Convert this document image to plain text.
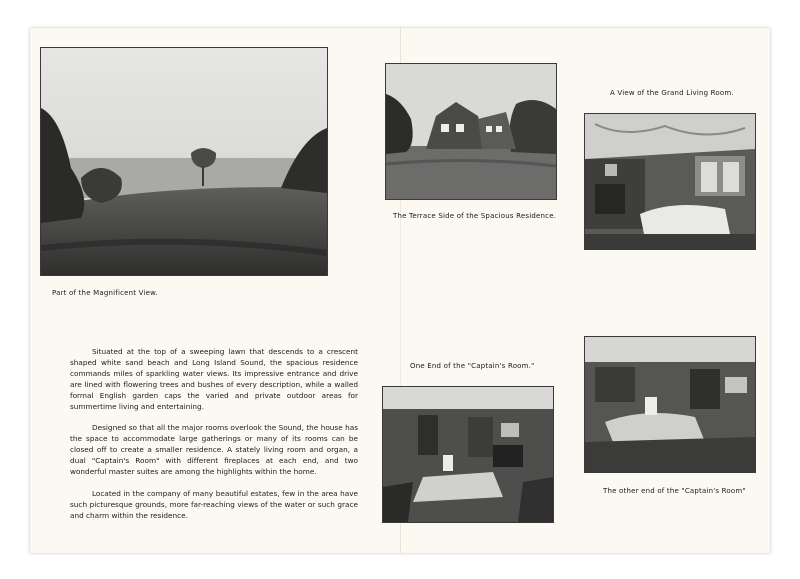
Part of the Magnificent View.

Situated at the top of a sweeping lawn that descends to a crescent shaped white sand beach and Long Island Sound, the spacious residence commands miles of sparkling water views. Its impressive entrance and drive are lined with flowering trees and bushes of every description, while a walled formal English garden caps the varied and private outdoor areas for summertime living and entertaining.

Designed so that all the major rooms overlook the Sound, the house has the space to accommodate large gatherings or many of its rooms can be closed off to create a smaller residence. A stately living room and organ, a dual "Captain's Room" with different fireplaces at each end, and two wonderful master suites are among the highlights within the home.

Located in the company of many beautiful estates, few in the area have such picturesque grounds, more far-reaching views of the water or such grace and charm within the residence.

The Terrace Side of the Spacious Residence.
A View of the Grand Living Room.
One End of the "Captain's Room."
The other end of the "Captain's Room"
